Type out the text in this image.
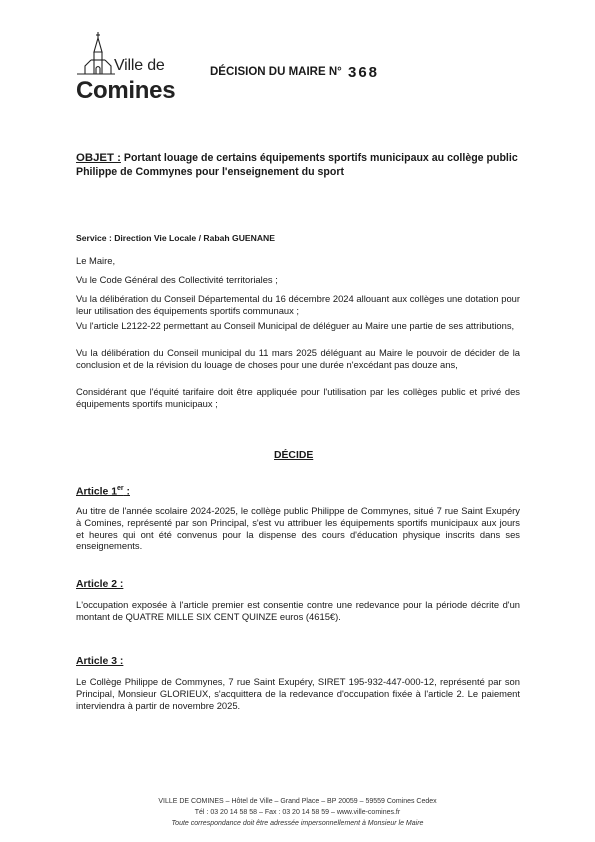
Ville de
Comines
DÉCISION DU MAIRE N° 368
OBJET : Portant louage de certains équipements sportifs municipaux au collège public Philippe de Commynes pour l'enseignement du sport
Service : Direction Vie Locale / Rabah GUENANE
Le Maire,
Vu le Code Général des Collectivité territoriales ;
Vu la délibération du Conseil Départemental du 16 décembre 2024 allouant aux collèges une dotation pour leur utilisation des équipements sportifs communaux ;
Vu l'article L2122-22 permettant au Conseil Municipal de déléguer au Maire une partie de ses attributions,
Vu la délibération du Conseil municipal du 11 mars 2025 déléguant au Maire le pouvoir de décider de la conclusion et de la révision du louage de choses pour une durée n'excédant pas douze ans,
Considérant que l'équité tarifaire doit être appliquée pour l'utilisation par les collèges public et privé des équipements sportifs municipaux ;
DÉCIDE
Article 1er :
Au titre de l'année scolaire 2024-2025, le collège public Philippe de Commynes, situé 7 rue Saint Exupéry à Comines, représenté par son Principal, s'est vu attribuer les équipements sportifs municipaux aux jours et heures qui ont été convenus pour la dispense des cours d'éducation physique inscrits dans ses enseignements.
Article 2 :
L'occupation exposée à l'article premier est consentie contre une redevance pour la période décrite d'un montant de QUATRE MILLE SIX CENT QUINZE euros (4615€).
Article 3 :
Le Collège Philippe de Commynes, 7 rue Saint Exupéry, SIRET 195-932-447-000-12, représenté par son Principal, Monsieur GLORIEUX, s'acquittera de la redevance d'occupation fixée à l'article 2. Le paiement interviendra à partir de novembre 2025.
VILLE DE COMINES – Hôtel de Ville – Grand Place – BP 20059 – 59559 Comines Cedex
Tél : 03 20 14 58 58 – Fax : 03 20 14 58 59 – www.ville-comines.fr
Toute correspondance doit être adressée impersonnellement à Monsieur le Maire
